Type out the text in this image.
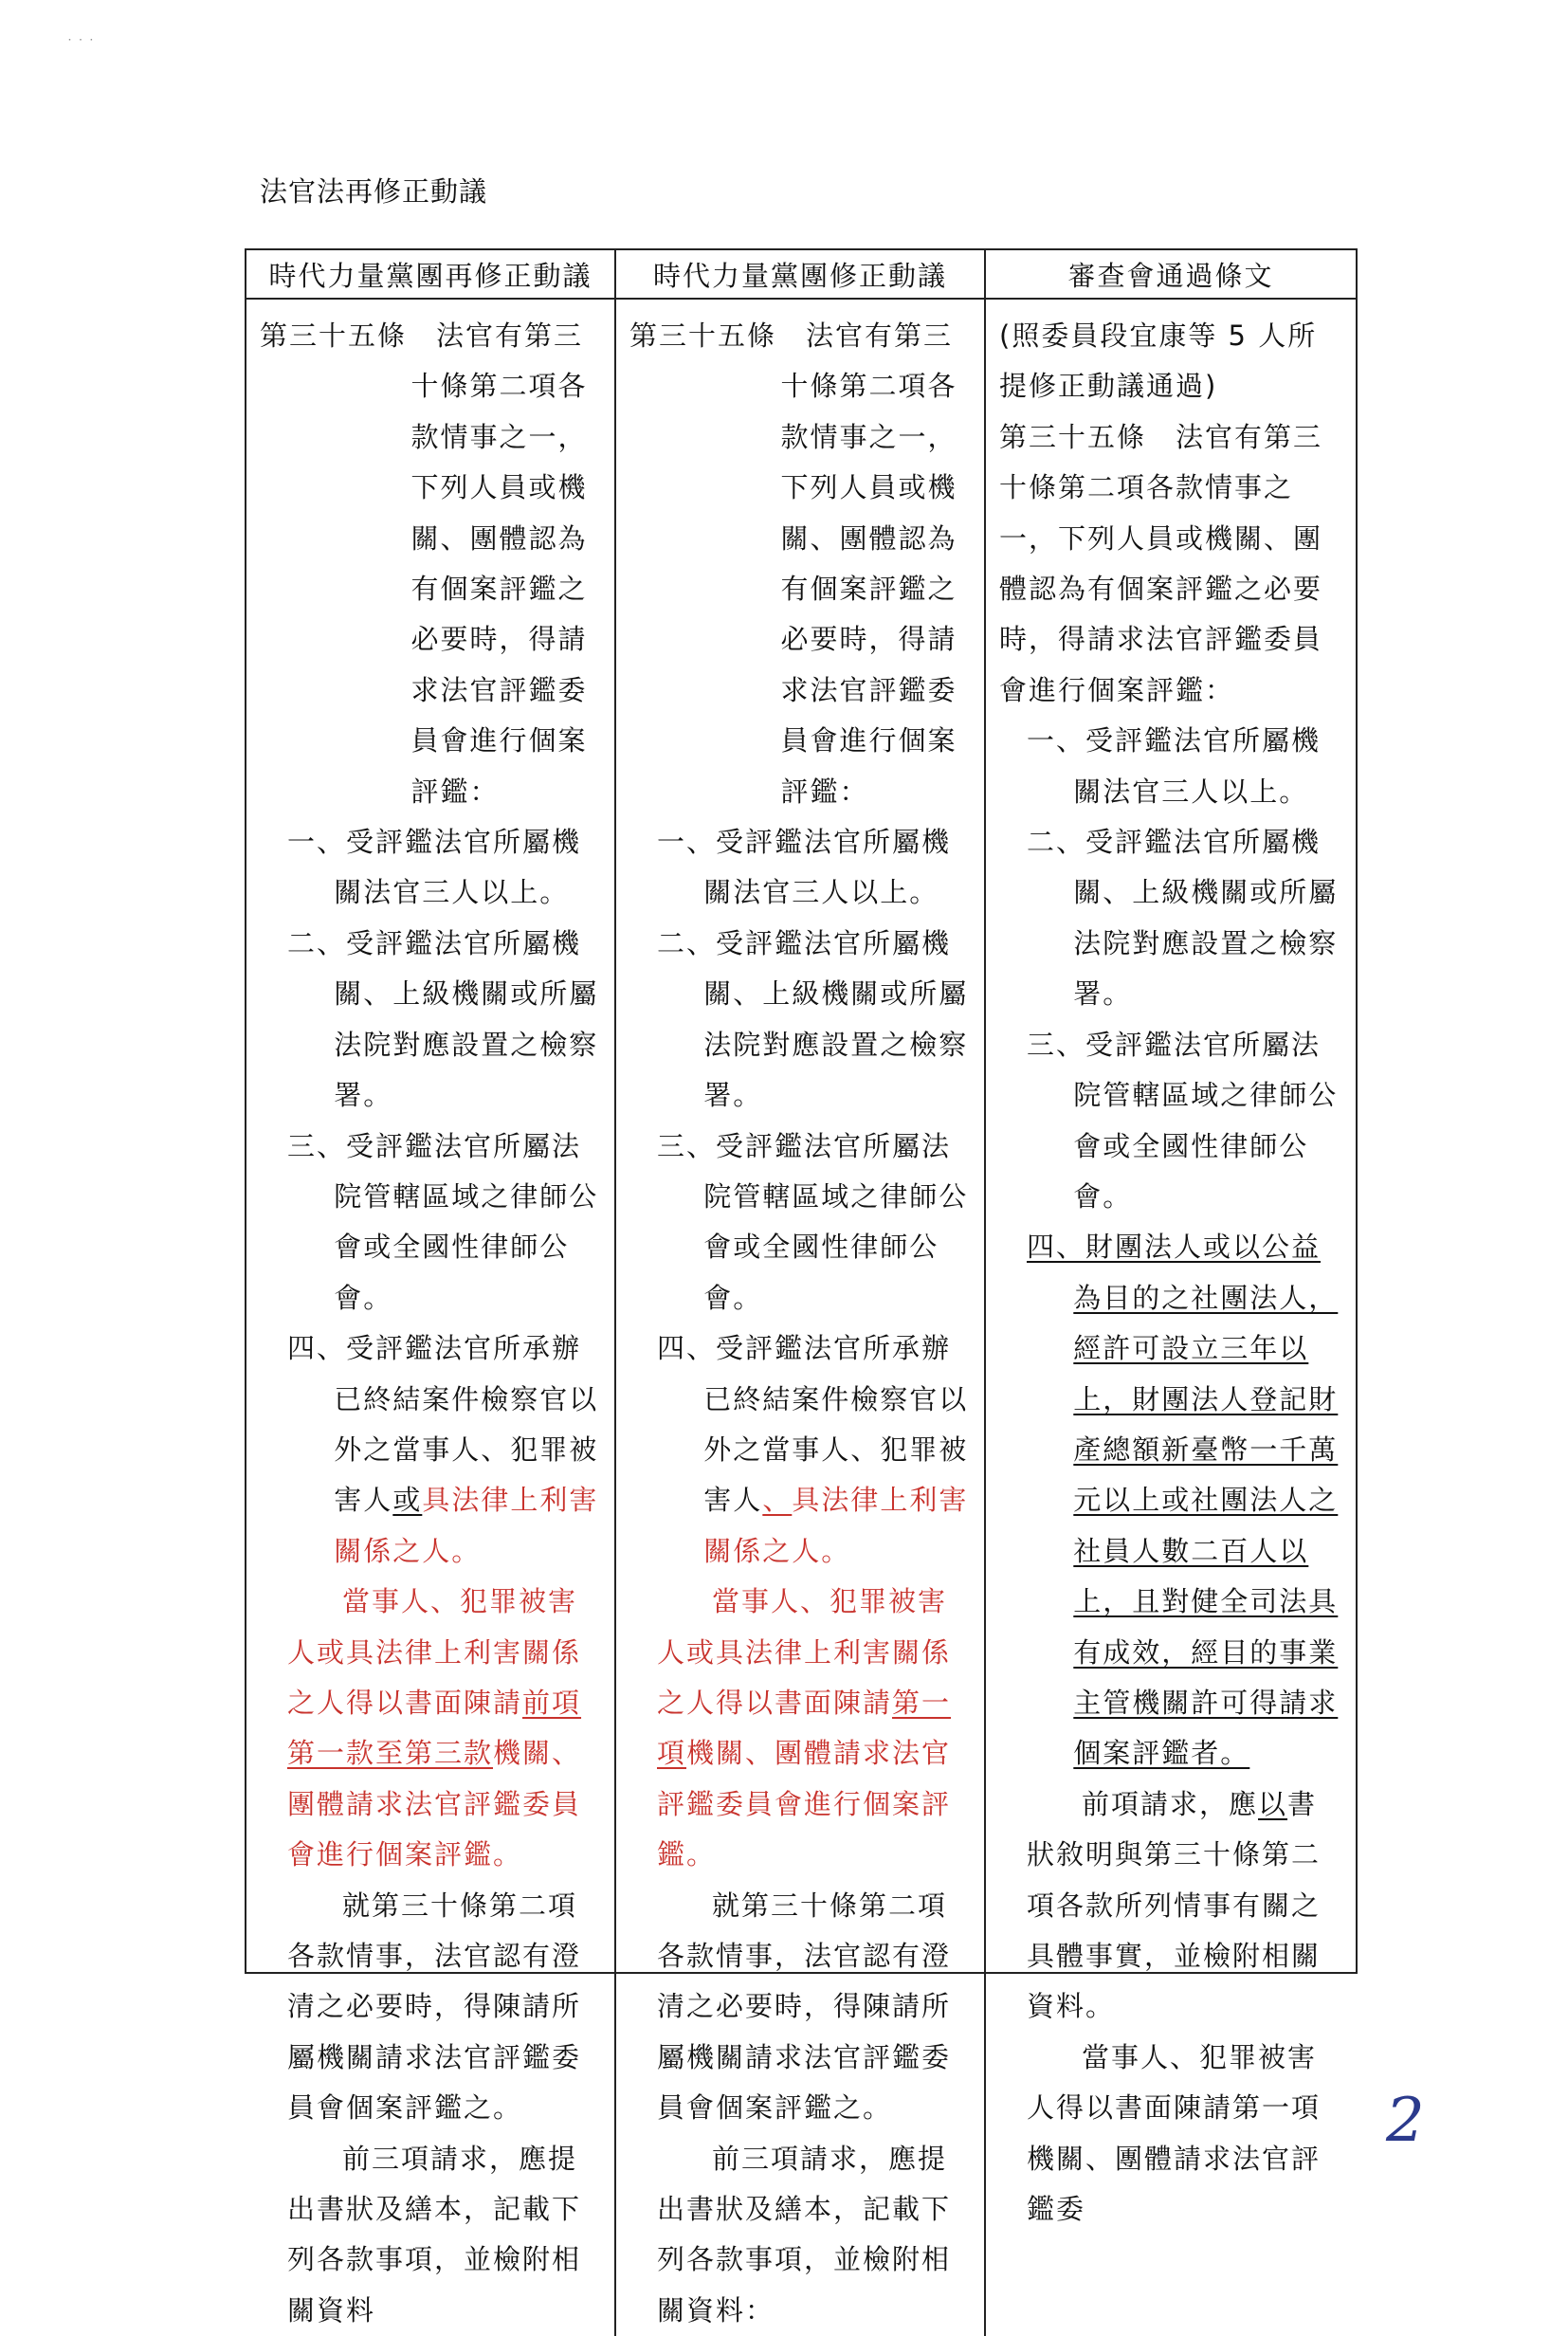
˙ ˙ ˙
法官法再修正動議
時代力量黨團再修正動議	時代力量黨團修正動議	審查會通過條文

第三十五條　法官有第三十條第二項各款情事之一，下列人員或機關、團體認為有個案評鑑之必要時，得請求法官評鑑委員會進行個案評鑑：

一、受評鑑法官所屬機關法官三人以上。

二、受評鑑法官所屬機關、上級機關或所屬法院對應設置之檢察署。

三、受評鑑法官所屬法院管轄區域之律師公會或全國性律師公會。

四、受評鑑法官所承辦已終結案件檢察官以外之當事人、犯罪被害人或具法律上利害關係之人。

當事人、犯罪被害人或具法律上利害關係之人得以書面陳請前項第一款至第三款機關、團體請求法官評鑑委員會進行個案評鑑。

就第三十條第二項各款情事，法官認有澄清之必要時，得陳請所屬機關請求法官評鑑委員會個案評鑑之。

前三項請求，應提出書狀及繕本，記載下列各款事項，並檢附相關資料

第三十五條　法官有第三十條第二項各款情事之一，下列人員或機關、團體認為有個案評鑑之必要時，得請求法官評鑑委員會進行個案評鑑：

一、受評鑑法官所屬機關法官三人以上。

二、受評鑑法官所屬機關、上級機關或所屬法院對應設置之檢察署。

三、受評鑑法官所屬法院管轄區域之律師公會或全國性律師公會。

四、受評鑑法官所承辦已終結案件檢察官以外之當事人、犯罪被害人、具法律上利害關係之人。

當事人、犯罪被害人或具法律上利害關係之人得以書面陳請第一項機關、團體請求法官評鑑委員會進行個案評鑑。

就第三十條第二項各款情事，法官認有澄清之必要時，得陳請所屬機關請求法官評鑑委員會個案評鑑之。

前三項請求，應提出書狀及繕本，記載下列各款事項，並檢附相關資料：

(照委員段宜康等 5 人所提修正動議通過)

第三十五條　法官有第三十條第二項各款情事之一，下列人員或機關、團體認為有個案評鑑之必要時，得請求法官評鑑委員會進行個案評鑑：

一、受評鑑法官所屬機關法官三人以上。

二、受評鑑法官所屬機關、上級機關或所屬法院對應設置之檢察署。

三、受評鑑法官所屬法院管轄區域之律師公會或全國性律師公會。

四、財團法人或以公益為目的之社團法人，經許可設立三年以上，財團法人登記財產總額新臺幣一千萬元以上或社團法人之社員人數二百人以上，且對健全司法具有成效，經目的事業主管機關許可得請求個案評鑑者。

前項請求，應以書狀敘明與第三十條第二項各款所列情事有關之具體事實，並檢附相關資料。

當事人、犯罪被害人得以書面陳請第一項機關、團體請求法官評鑑委

2
